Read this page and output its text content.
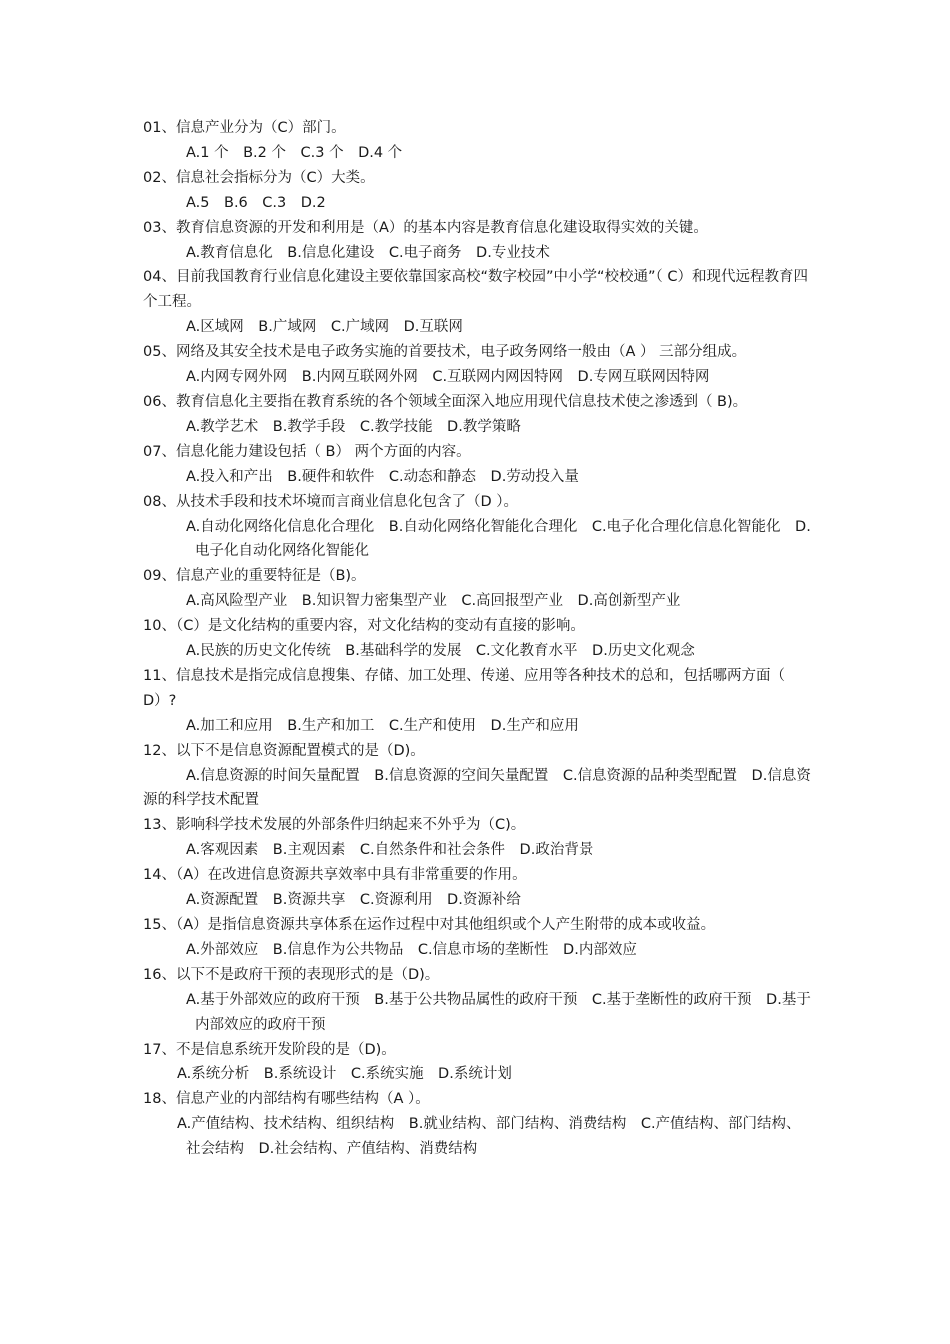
01、信息产业分为（C）部门。
A.1 个　B.2 个　C.3 个　D.4 个
02、信息社会指标分为（C）大类。
A.5　B.6　C.3　D.2
03、教育信息资源的开发和利用是（A）的基本内容是教育信息化建设取得实效的关键。
A.教育信息化　B.信息化建设　C.电子商务　D.专业技术
04、目前我国教育行业信息化建设主要依靠国家高校“数字校园”中小学“校校通”（ C）和现代远程教育四个工程。
A.区域网　B.广域网　C.广域网　D.互联网
05、网络及其安全技术是电子政务实施的首要技术，电子政务网络一般由（A ） 三部分组成。
A.内网专网外网　B.内网互联网外网　C.互联网内网因特网　D.专网互联网因特网
06、教育信息化主要指在教育系统的各个领域全面深入地应用现代信息技术使之渗透到（ B)。
A.教学艺术　B.教学手段　C.教学技能　D.教学策略
07、信息化能力建设包括（ B） 两个方面的内容。
A.投入和产出　B.硬件和软件　C.动态和静态　D.劳动投入量
08、从技术手段和技术坏境而言商业信息化包含了（D ）。
A.自动化网络化信息化合理化　B.自动化网络化智能化合理化　C.电子化合理化信息化智能化　D.电子化自动化网络化智能化
09、信息产业的重要特征是（B)。
A.高风险型产业　B.知识智力密集型产业　C.高回报型产业　D.高创新型产业
10、（C）是文化结构的重要内容，对文化结构的变动有直接的影响。
A.民族的历史文化传统　B.基础科学的发展　C.文化教育水平　D.历史文化观念
11、信息技术是指完成信息搜集、存储、加工处理、传递、应用等各种技术的总和，包括哪两方面（ D）?
A.加工和应用　B.生产和加工　C.生产和使用　D.生产和应用
12、以下不是信息资源配置模式的是（D)。
A.信息资源的时间矢量配置　B.信息资源的空间矢量配置　C.信息资源的品种类型配置　D.信息资源的科学技术配置
13、影响科学技术发展的外部条件归纳起来不外乎为（C)。
A.客观因素　B.主观因素　C.自然条件和社会条件　D.政治背景
14、（A）在改进信息资源共享效率中具有非常重要的作用。
A.资源配置　B.资源共享　C.资源利用　D.资源补给
15、（A）是指信息资源共享体系在运作过程中对其他组织或个人产生附带的成本或收益。
A.外部效应　B.信息作为公共物品　C.信息市场的垄断性　D.内部效应
16、以下不是政府干预的表现形式的是（D)。
A.基于外部效应的政府干预　B.基于公共物品属性的政府干预　C.基于垄断性的政府干预　D.基于内部效应的政府干预
17、不是信息系统开发阶段的是（D)。
A.系统分析　B.系统设计　C.系统实施　D.系统计划
18、信息产业的内部结构有哪些结构（A ）。
A.产值结构、技术结构、组织结构　B.就业结构、部门结构、消费结构　C.产值结构、部门结构、社会结构　D.社会结构、产值结构、消费结构
